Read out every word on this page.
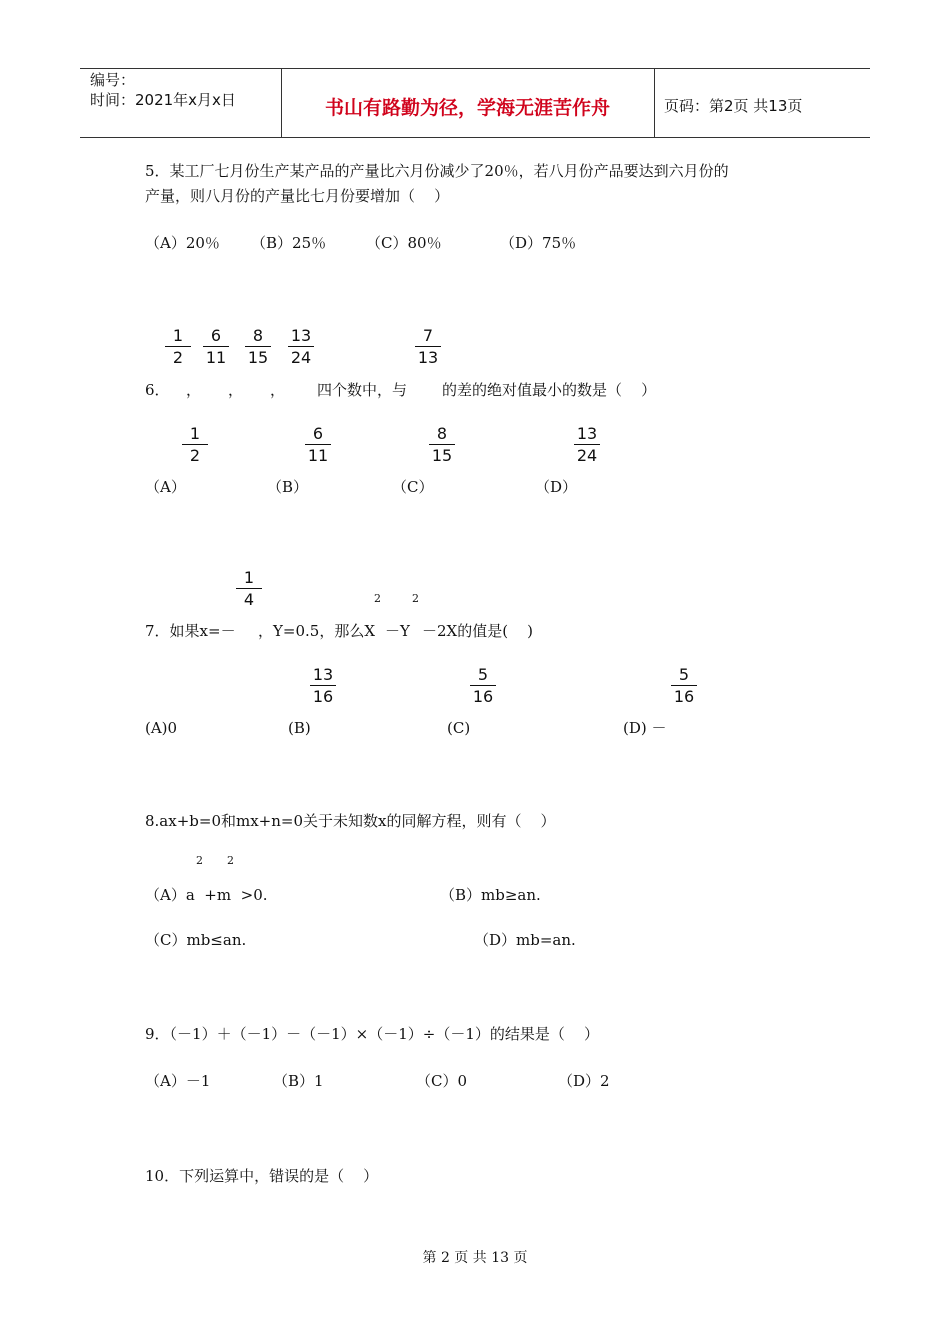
编号：
时间：2021年x月x日	书山有路勤为径，学海无涯苦作舟	页码：第2页 共13页
5．某工厂七月份生产某产品的产量比六月份减少了20％，若八月份产品要达到六月份的
产量，则八月份的产量比七月份要增加（    ）
（A）20％ （B）25％	（C）80％	（D）75％
$\frac{1}{2} \frac{6}{11} \frac{8}{15} \frac{13}{24}$	$\frac{7}{13}$
6． ， ， ， 四个数中，与 的差的绝对值最小的数是（    ）
$\frac{1}{2}$	$\frac{6}{11}$	$\frac{8}{15}$	$\frac{13}{24}$
（A）	（B）	（C）	（D）
$\frac{1}{4}$	2	2
7．如果x=－ ，Y=0.5，那么X －Y －2X的值是(    )
$\frac{13}{16}$	$\frac{5}{16}$	$\frac{5}{16}$
(A)0	(B)	(C)	(D) －
8.ax+b=0和mx+n=0关于未知数x的同解方程，则有（    ）
2 2
（A）a  +m  >0.	（B）mb≥an.
（C）mb≤an.	（D）mb=an.
9．（－1）＋（－1）－（－1）×（－1）÷（－1）的结果是（    ）
（A）－1	（B）1	（C）0	（D）2
10．下列运算中，错误的是（    ）
第 2 页 共 13 页
